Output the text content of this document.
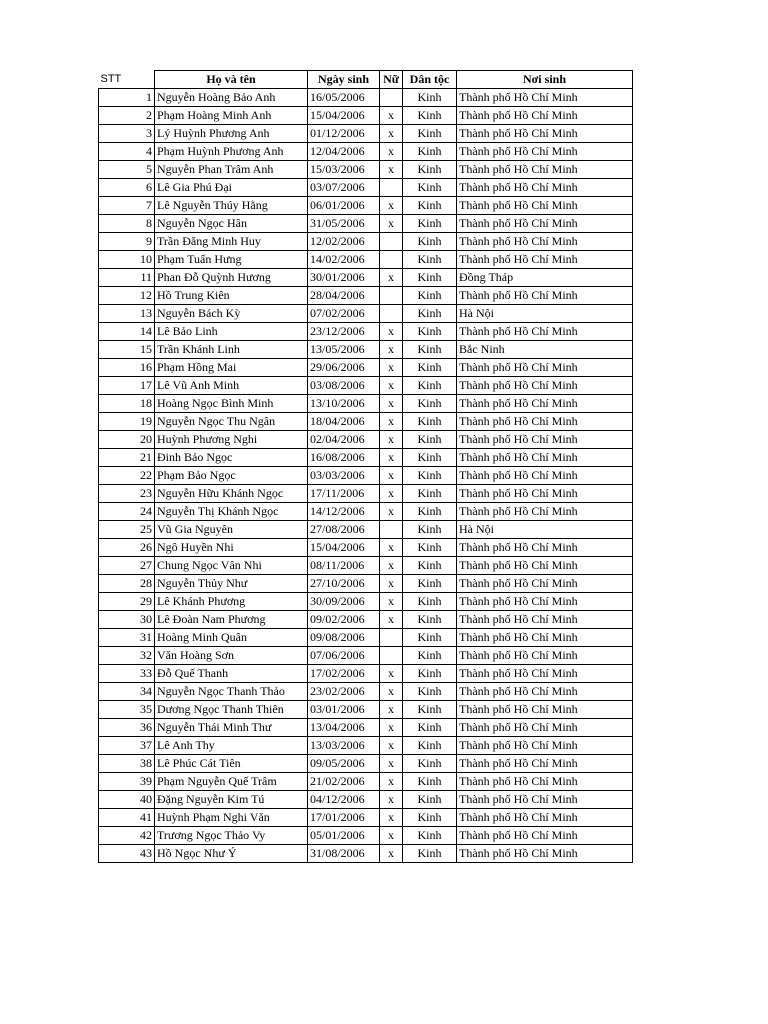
STT	Họ và tên	Ngày sinh	Nữ	Dân tộc	Nơi sinh
1	Nguyễn Hoàng Bảo Anh	16/05/2006		Kinh	Thành phố Hồ Chí Minh
2	Phạm Hoàng Minh Anh	15/04/2006	x	Kinh	Thành phố Hồ Chí Minh
3	Lý Huỳnh Phương Anh	01/12/2006	x	Kinh	Thành phố Hồ Chí Minh
4	Phạm Huỳnh Phương Anh	12/04/2006	x	Kinh	Thành phố Hồ Chí Minh
5	Nguyễn Phan Trâm Anh	15/03/2006	x	Kinh	Thành phố Hồ Chí Minh
6	Lê Gia Phú Đại	03/07/2006		Kinh	Thành phố Hồ Chí Minh
7	Lê Nguyễn Thúy Hằng	06/01/2006	x	Kinh	Thành phố Hồ Chí Minh
8	Nguyễn Ngọc Hân	31/05/2006	x	Kinh	Thành phố Hồ Chí Minh
9	Trần Đăng Minh Huy	12/02/2006		Kinh	Thành phố Hồ Chí Minh
10	Phạm Tuấn Hưng	14/02/2006		Kinh	Thành phố Hồ Chí Minh
11	Phan Đỗ Quỳnh Hương	30/01/2006	x	Kinh	Đồng Tháp
12	Hồ Trung Kiên	28/04/2006		Kinh	Thành phố Hồ Chí Minh
13	Nguyễn Bách Kỳ	07/02/2006		Kinh	Hà Nội
14	Lê Bảo Linh	23/12/2006	x	Kinh	Thành phố Hồ Chí Minh
15	Trần Khánh Linh	13/05/2006	x	Kinh	Bắc Ninh
16	Phạm Hồng Mai	29/06/2006	x	Kinh	Thành phố Hồ Chí Minh
17	Lê Vũ Anh Minh	03/08/2006	x	Kinh	Thành phố Hồ Chí Minh
18	Hoàng Ngọc Bình Minh	13/10/2006	x	Kinh	Thành phố Hồ Chí Minh
19	Nguyễn Ngọc Thu Ngân	18/04/2006	x	Kinh	Thành phố Hồ Chí Minh
20	Huỳnh Phương Nghi	02/04/2006	x	Kinh	Thành phố Hồ Chí Minh
21	Đinh Bảo Ngọc	16/08/2006	x	Kinh	Thành phố Hồ Chí Minh
22	Phạm Bảo Ngọc	03/03/2006	x	Kinh	Thành phố Hồ Chí Minh
23	Nguyễn Hữu Khánh Ngọc	17/11/2006	x	Kinh	Thành phố Hồ Chí Minh
24	Nguyễn Thị Khánh Ngọc	14/12/2006	x	Kinh	Thành phố Hồ Chí Minh
25	Vũ Gia Nguyên	27/08/2006		Kinh	Hà Nội
26	Ngô Huyền Nhi	15/04/2006	x	Kinh	Thành phố Hồ Chí Minh
27	Chung Ngọc Vân Nhi	08/11/2006	x	Kinh	Thành phố Hồ Chí Minh
28	Nguyễn Thủy Như	27/10/2006	x	Kinh	Thành phố Hồ Chí Minh
29	Lê Khánh Phương	30/09/2006	x	Kinh	Thành phố Hồ Chí Minh
30	Lê Đoàn Nam Phương	09/02/2006	x	Kinh	Thành phố Hồ Chí Minh
31	Hoàng Minh Quân	09/08/2006		Kinh	Thành phố Hồ Chí Minh
32	Văn Hoàng Sơn	07/06/2006		Kinh	Thành phố Hồ Chí Minh
33	Đỗ Quế Thanh	17/02/2006	x	Kinh	Thành phố Hồ Chí Minh
34	Nguyễn Ngọc Thanh Thảo	23/02/2006	x	Kinh	Thành phố Hồ Chí Minh
35	Dương Ngọc Thanh Thiên	03/01/2006	x	Kinh	Thành phố Hồ Chí Minh
36	Nguyễn Thái Minh Thư	13/04/2006	x	Kinh	Thành phố Hồ Chí Minh
37	Lê Anh Thy	13/03/2006	x	Kinh	Thành phố Hồ Chí Minh
38	Lê Phúc Cát Tiên	09/05/2006	x	Kinh	Thành phố Hồ Chí Minh
39	Phạm Nguyễn Quế Trâm	21/02/2006	x	Kinh	Thành phố Hồ Chí Minh
40	Đặng Nguyễn Kim Tú	04/12/2006	x	Kinh	Thành phố Hồ Chí Minh
41	Huỳnh Phạm Nghi Văn	17/01/2006	x	Kinh	Thành phố Hồ Chí Minh
42	Trương Ngọc Thảo Vy	05/01/2006	x	Kinh	Thành phố Hồ Chí Minh
43	Hồ Ngọc Như Ý	31/08/2006	x	Kinh	Thành phố Hồ Chí Minh
